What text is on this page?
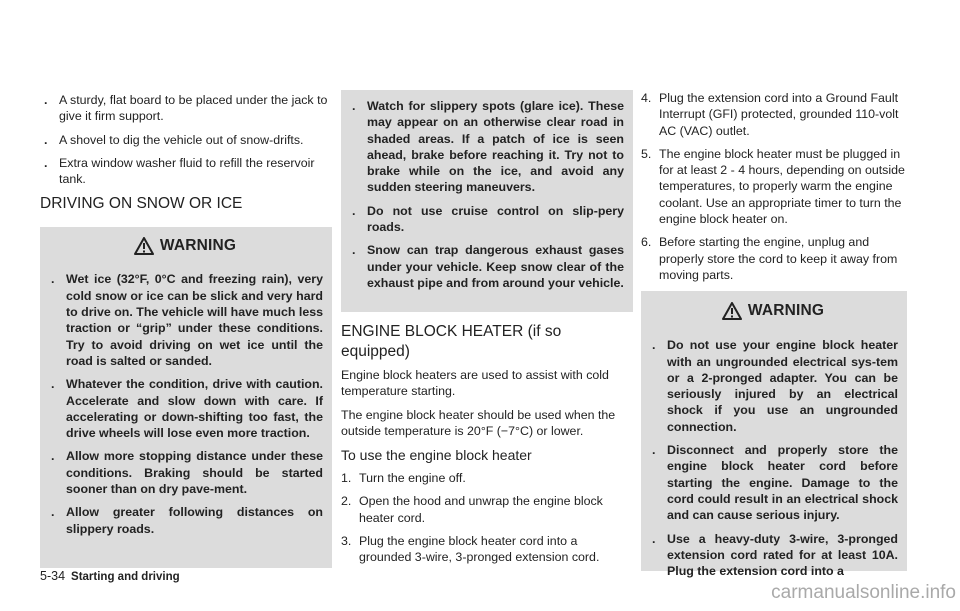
. A sturdy, flat board to be placed under the jack to give it firm support.
. A shovel to dig the vehicle out of snow-drifts.
. Extra window washer fluid to refill the reservoir tank.
DRIVING ON SNOW OR ICE
WARNING
. Wet ice (32°F, 0°C and freezing rain), very cold snow or ice can be slick and very hard to drive on. The vehicle will have much less traction or “grip” under these conditions. Try to avoid driving on wet ice until the road is salted or sanded.
. Whatever the condition, drive with caution. Accelerate and slow down with care. If accelerating or down-shifting too fast, the drive wheels will lose even more traction.
. Allow more stopping distance under these conditions. Braking should be started sooner than on dry pave-ment.
. Allow greater following distances on slippery roads.
. Watch for slippery spots (glare ice). These may appear on an otherwise clear road in shaded areas. If a patch of ice is seen ahead, brake before reaching it. Try not to brake while on the ice, and avoid any sudden steering maneuvers.
. Do not use cruise control on slip-pery roads.
. Snow can trap dangerous exhaust gases under your vehicle. Keep snow clear of the exhaust pipe and from around your vehicle.
ENGINE BLOCK HEATER (if so equipped)

Engine block heaters are used to assist with cold temperature starting.

The engine block heater should be used when the outside temperature is 20°F (−7°C) or lower.

To use the engine block heater
1. Turn the engine off.
2. Open the hood and unwrap the engine block heater cord.
3. Plug the engine block heater cord into a grounded 3-wire, 3-pronged extension cord.
4. Plug the extension cord into a Ground Fault Interrupt (GFI) protected, grounded 110-volt AC (VAC) outlet.
5. The engine block heater must be plugged in for at least 2 - 4 hours, depending on outside temperatures, to properly warm the engine coolant. Use an appropriate timer to turn the engine block heater on.
6. Before starting the engine, unplug and properly store the cord to keep it away from moving parts.
WARNING
. Do not use your engine block heater with an ungrounded electrical sys-tem or a 2-pronged adapter. You can be seriously injured by an electrical shock if you use an ungrounded connection.
. Disconnect and properly store the engine block heater cord before starting the engine. Damage to the cord could result in an electrical shock and can cause serious injury.
. Use a heavy-duty 3-wire, 3-pronged extension cord rated for at least 10A. Plug the extension cord into a
5-34 Starting and driving
carmanualsonline.info
